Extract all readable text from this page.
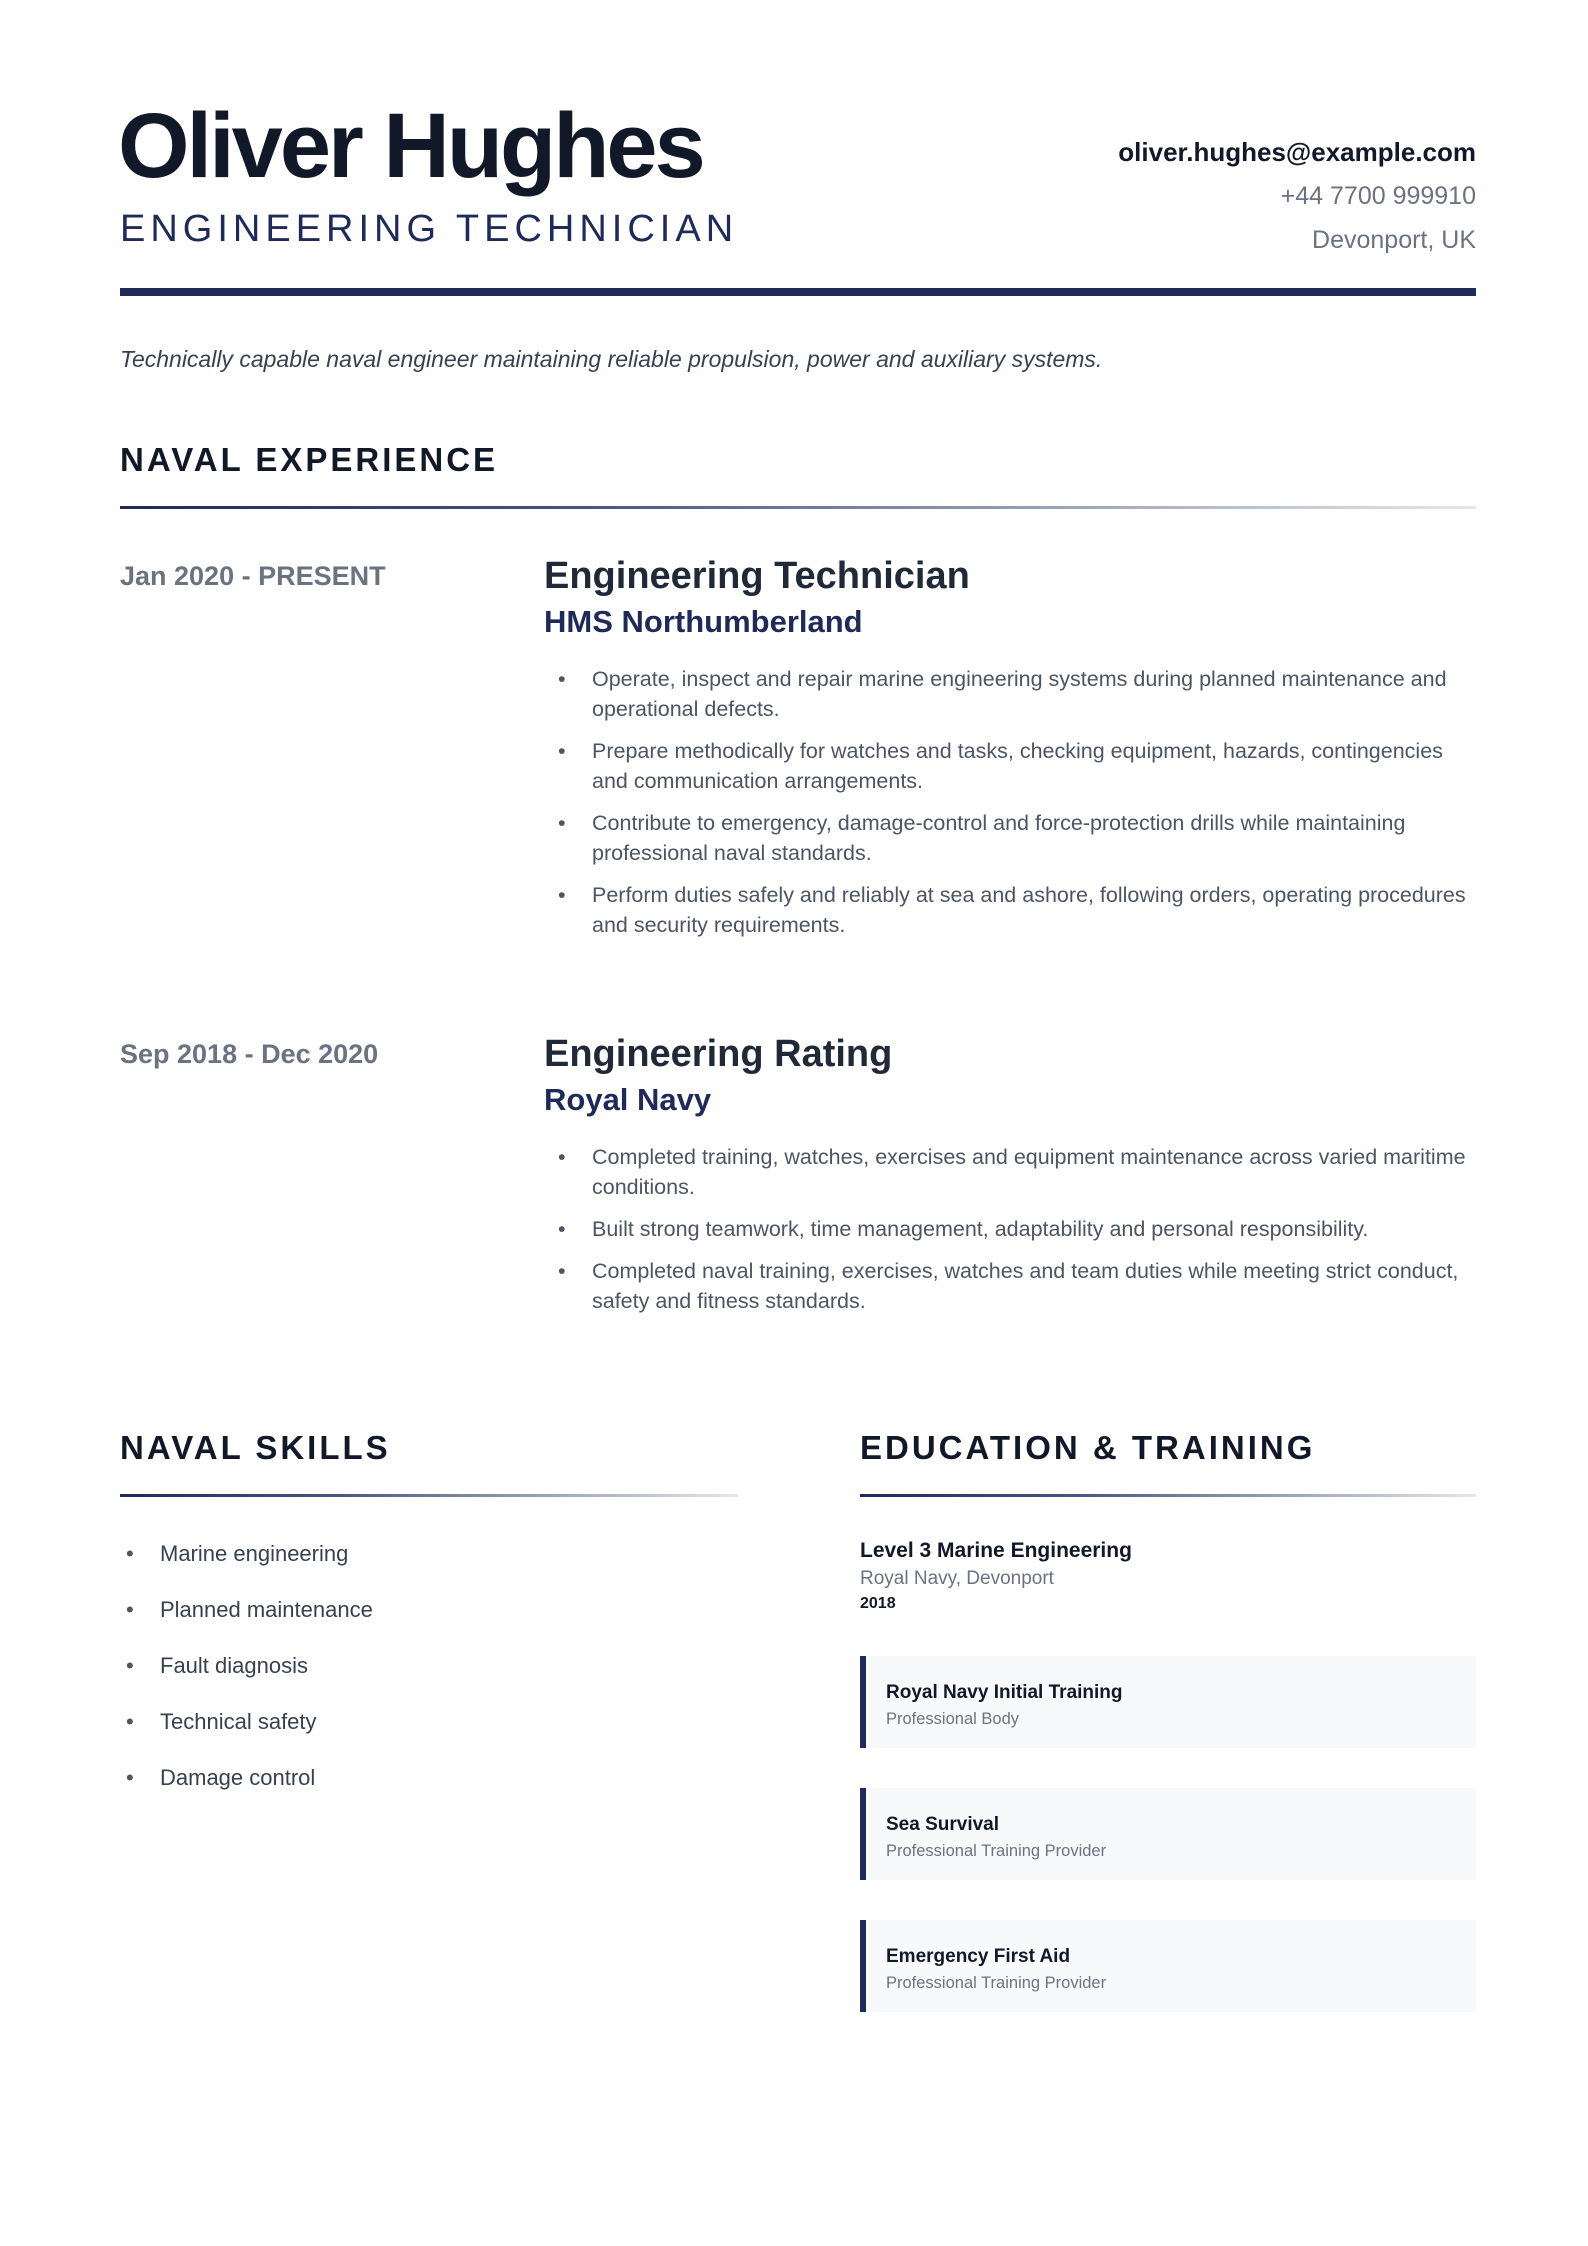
Oliver Hughes
ENGINEERING TECHNICIAN
oliver.hughes@example.com
+44 7700 999910
Devonport, UK
Technically capable naval engineer maintaining reliable propulsion, power and auxiliary systems.
NAVAL EXPERIENCE
Jan 2020 - PRESENT	Engineering Technician
HMS Northumberland
• Operate, inspect and repair marine engineering systems during planned maintenance and operational defects.
• Prepare methodically for watches and tasks, checking equipment, hazards, contingencies and communication arrangements.
• Contribute to emergency, damage-control and force-protection drills while maintaining professional naval standards.
• Perform duties safely and reliably at sea and ashore, following orders, operating procedures and security requirements.
Sep 2018 - Dec 2020	Engineering Rating
Royal Navy
• Completed training, watches, exercises and equipment maintenance across varied maritime conditions.
• Built strong teamwork, time management, adaptability and personal responsibility.
• Completed naval training, exercises, watches and team duties while meeting strict conduct, safety and fitness standards.
NAVAL SKILLS
• Marine engineering
• Planned maintenance
• Fault diagnosis
• Technical safety
• Damage control
EDUCATION & TRAINING
Level 3 Marine Engineering
Royal Navy, Devonport
2018
Royal Navy Initial Training
Professional Body
Sea Survival
Professional Training Provider
Emergency First Aid
Professional Training Provider
